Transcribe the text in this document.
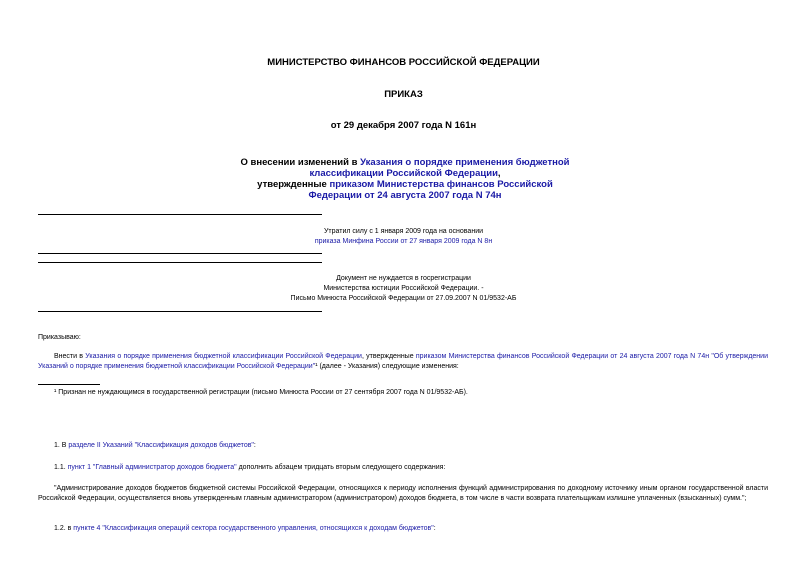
МИНИСТЕРСТВО ФИНАНСОВ РОССИЙСКОЙ ФЕДЕРАЦИИ
ПРИКАЗ
от 29 декабря 2007 года N 161н
О внесении изменений в Указания о порядке применения бюджетной классификации Российской Федерации,
утвержденные приказом Министерства финансов Российской Федерации от 24 августа 2007 года N 74н
Утратил силу с 1 января 2009 года на основании
приказа Минфина России от 27 января 2009 года N 8н
Документ не нуждается в госрегистрации
Министерства юстиции Российской Федерации. -
Письмо Минюста Российской Федерации от 27.09.2007 N 01/9532-АБ
Приказываю:
Внести в Указания о порядке применения бюджетной классификации Российской Федерации, утвержденные приказом Министерства финансов Российской Федерации от 24 августа 2007 года N 74н "Об утверждении Указаний о порядке применения бюджетной классификации Российской Федерации"¹ (далее - Указания) следующие изменения:
¹ Признан не нуждающимся в государственной регистрации (письмо Минюста России от 27 сентября 2007 года N 01/9532-АБ).
1. В разделе II Указаний "Классификация доходов бюджетов":
1.1. пункт 1 "Главный администратор доходов бюджета" дополнить абзацем тридцать вторым следующего содержания:
"Администрирование доходов бюджетов бюджетной системы Российской Федерации, относящихся к периоду исполнения функций администрирования по доходному источнику иным органом государственной власти Российской Федерации, осуществляется вновь утвержденным главным администратором (администратором) доходов бюджета, в том числе в части возврата плательщикам излишне уплаченных (взысканных) сумм.";
1.2. в пункте 4 "Классификация операций сектора государственного управления, относящихся к доходам бюджетов":
